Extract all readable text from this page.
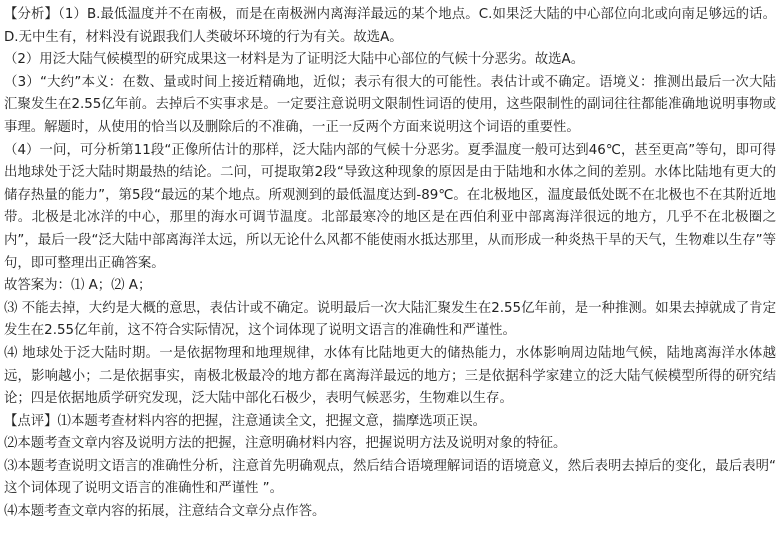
【分析】（1）B.最低温度并不在南极，而是在南极洲内离海洋最远的某个地点。C.如果泛大陆的中心部位向北或向南足够远的话。D.无中生有，材料没有说跟我们人类破坏环境的行为有关。故选A。

（2）用泛大陆气候模型的研究成果这一材料是为了证明泛大陆中心部位的气候十分恶劣。故选A。

（3）“大约”本义：在数、量或时间上接近精确地，近似；表示有很大的可能性。表估计或不确定。语境义：推测出最后一次大陆汇聚发生在2.55亿年前。去掉后不实事求是。一定要注意说明文限制性词语的使用，这些限制性的副词往往都能准确地说明事物或事理。解题时，从使用的恰当以及删除后的不准确，一正一反两个方面来说明这个词语的重要性。

（4）一问，可分析第11段“正像所估计的那样，泛大陆内部的气候十分恶劣。夏季温度一般可达到46℃，甚至更高”等句，即可得出地球处于泛大陆时期最热的结论。二问，可提取第2段“导致这种现象的原因是由于陆地和水体之间的差别。水体比陆地有更大的储存热量的能力”，第5段“最远的某个地点。所观测到的最低温度达到-89℃。在北极地区，温度最低处既不在北极也不在其附近地带。北极是北冰洋的中心，那里的海水可调节温度。北部最寒冷的地区是在西伯利亚中部离海洋很远的地方，几乎不在北极圈之内”，最后一段“泛大陆中部离海洋太远，所以无论什么风都不能使雨水抵达那里，从而形成一种炎热干旱的天气，生物难以生存”等句，即可整理出正确答案。

故答案为：⑴ A；⑵ A；

⑶ 不能去掉，大约是大概的意思，表估计或不确定。说明最后一次大陆汇聚发生在2.55亿年前，是一种推测。如果去掉就成了肯定发生在2.55亿年前，这不符合实际情况，这个词体现了说明文语言的准确性和严谨性。

⑷ 地球处于泛大陆时期。一是依据物理和地理规律，水体有比陆地更大的储热能力，水体影响周边陆地气候，陆地离海洋水体越远，影响越小；二是依据事实，南极北极最冷的地方都在离海洋最远的地方；三是依据科学家建立的泛大陆气候模型所得的研究结论；四是依据地质学研究发现，泛大陆中部化石极少，表明气候恶劣，生物难以生存。

【点评】⑴本题考查材料内容的把握，注意通读全文，把握文意，揣摩选项正误。

⑵本题考查文章内容及说明方法的把握，注意明确材料内容，把握说明方法及说明对象的特征。

⑶本题考查说明文语言的准确性分析，注意首先明确观点，然后结合语境理解词语的语境意义，然后表明去掉后的变化，最后表明“ 这个词体现了说明文语言的准确性和严谨性 ”。

⑷本题考查文章内容的拓展，注意结合文章分点作答。
